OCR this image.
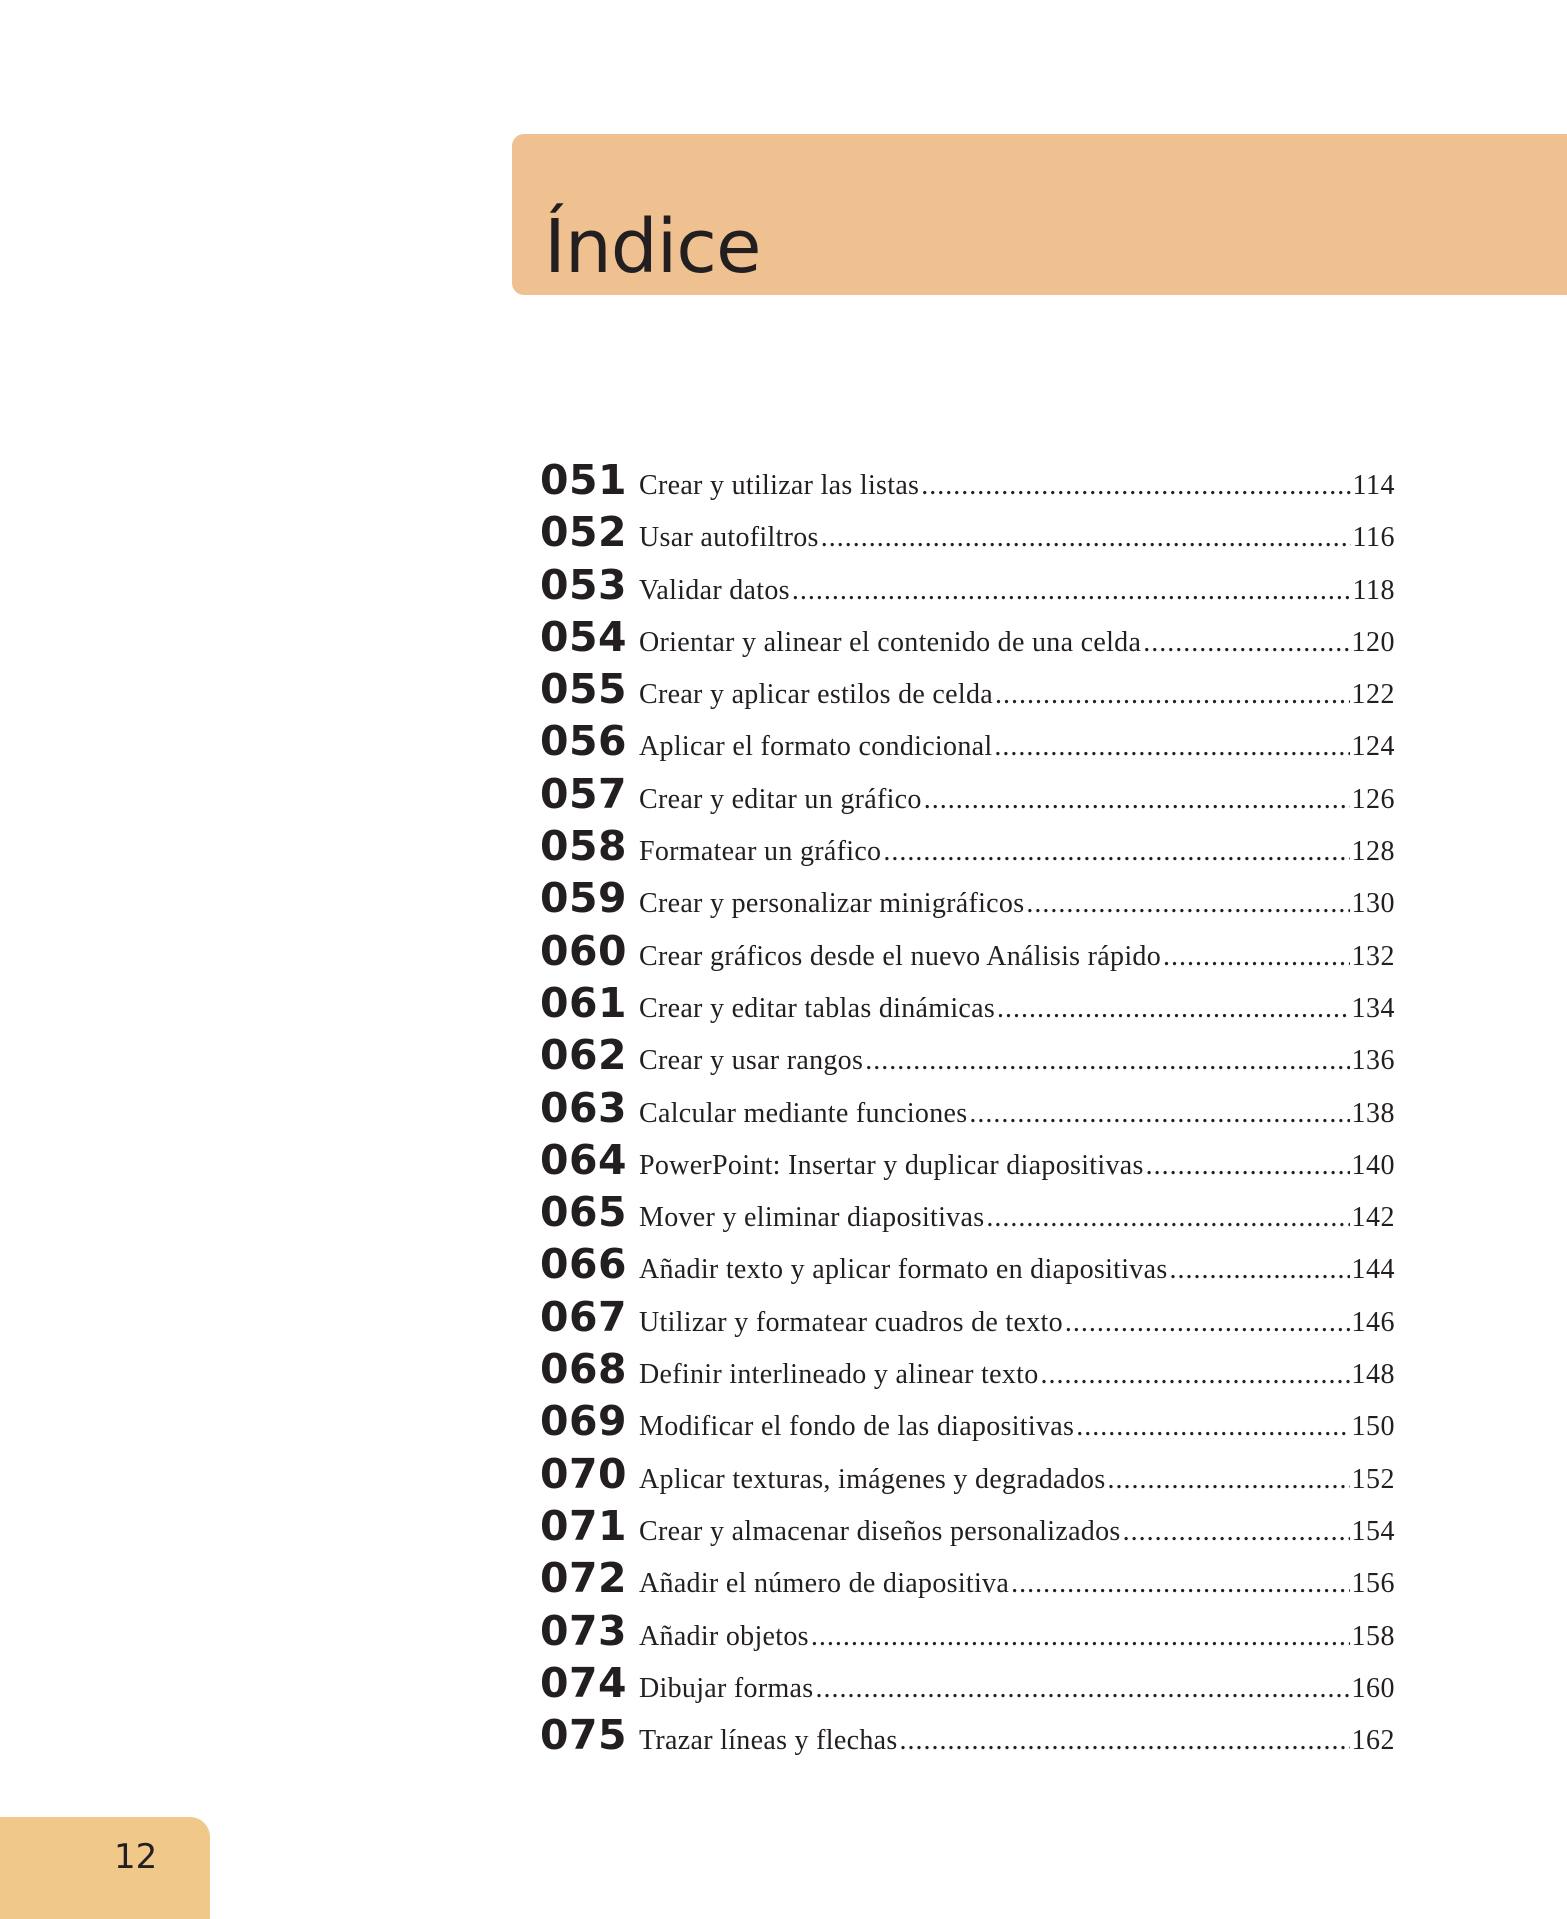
Índice
051 Crear y utilizar las listas .....	114
052 Usar autofiltros .....	116
053 Validar datos .....	118
054 Orientar y alinear el contenido de una celda .....	120
055 Crear y aplicar estilos de celda .....	122
056 Aplicar el formato condicional .....	124
057 Crear y editar un gráfico .....	126
058 Formatear un gráfico .....	128
059 Crear y personalizar minigráficos .....	130
060 Crear gráficos desde el nuevo Análisis rápido .....	132
061 Crear y editar tablas dinámicas .....	134
062 Crear y usar rangos .....	136
063 Calcular mediante funciones .....	138
064 PowerPoint: Insertar y duplicar diapositivas .....	140
065 Mover y eliminar diapositivas .....	142
066 Añadir texto y aplicar formato en diapositivas .....	144
067 Utilizar y formatear cuadros de texto .....	146
068 Definir interlineado y alinear texto .....	148
069 Modificar el fondo de las diapositivas .....	150
070 Aplicar texturas, imágenes y degradados .....	152
071 Crear y almacenar diseños personalizados .....	154
072 Añadir el número de diapositiva .....	156
073 Añadir objetos .....	158
074 Dibujar formas .....	160
075 Trazar líneas y flechas .....	162
12
